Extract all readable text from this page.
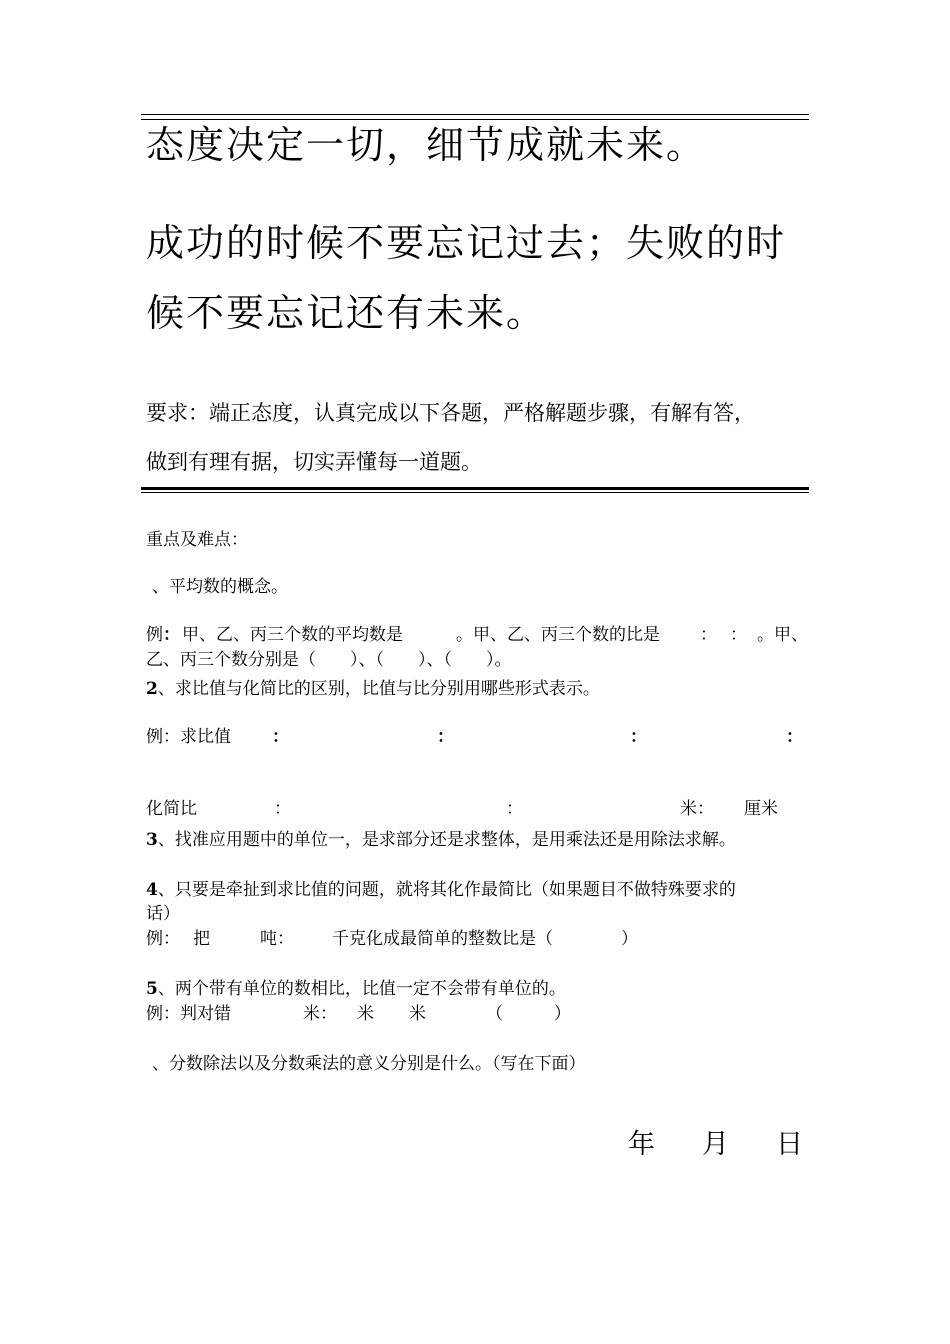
态度决定一切，细节成就未来。
成功的时候不要忘记过去；失败的时
候不要忘记还有未来。
要求：端正态度，认真完成以下各题，严格解题步骤，有解有答，
做到有理有据，切实弄懂每一道题。
重点及难点：
、平均数的概念。
例： 甲、乙、丙三个数的平均数是	。甲、乙、丙三个数的比是 ： ： 。甲、
乙、丙三个数分别是（　　）、（　　）、（　　）。
2、求比值与化简比的区别，比值与比分别用哪些形式表示。
例：求比值 ：	：	：	：
化简比	：	：	米： 厘米
3、找准应用题中的单位一，是求部分还是求整体，是用乘法还是用除法求解。
4、只要是牵扯到求比值的问题，就将其化作最简比（如果题目不做特殊要求的
话）
例： 把	吨： 千克化成最简单的整数比是（　　　　）
5、两个带有单位的数相比，比值一定不会带有单位的。
例：判对错	米： 米 米	（　　　）
、分数除法以及分数乘法的意义分别是什么。（写在下面）
年 月 日
